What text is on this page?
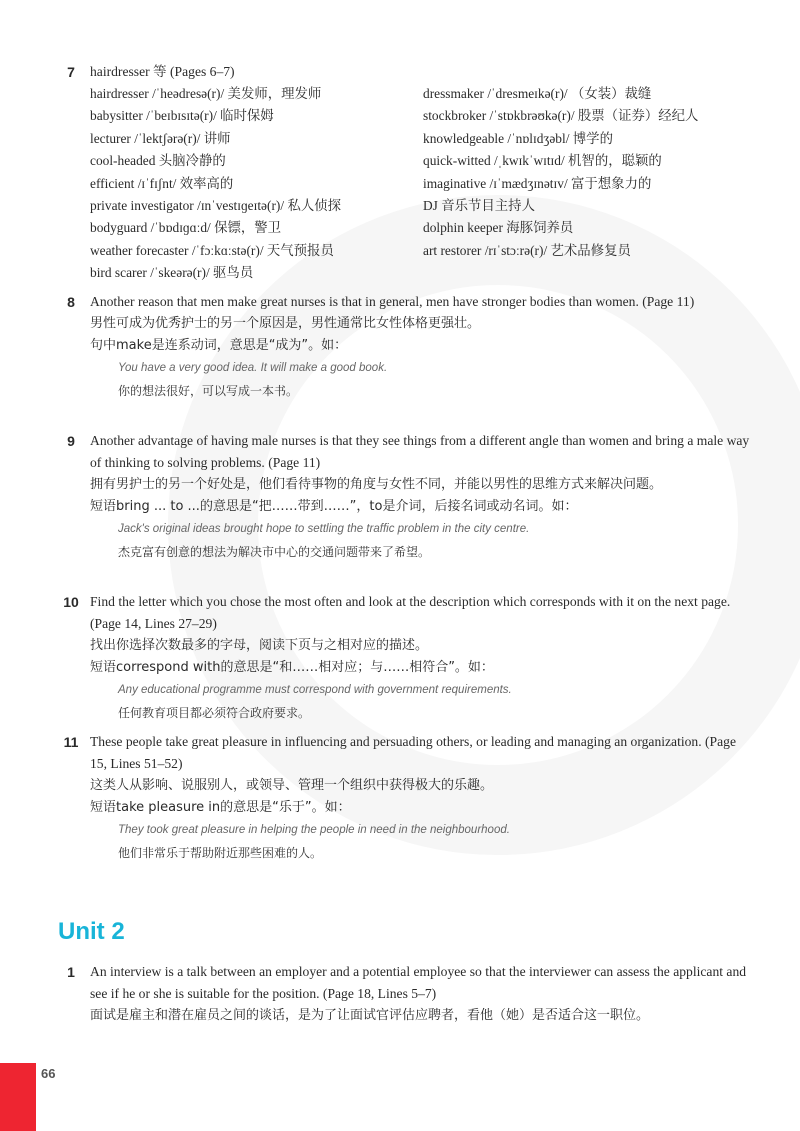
7	hairdresser 等 (Pages 6–7)

hairdresser /ˈheədresə(r)/ 美发师，理发师	dressmaker /ˈdresmeɪkə(r)/ （女装）裁缝
babysitter /ˈbeɪbɪsɪtə(r)/ 临时保姆	stockbroker /ˈstɒkbrəʊkə(r)/ 股票（证券）经纪人
lecturer /ˈlektʃərə(r)/ 讲师	knowledgeable /ˈnɒlɪdʒəbl/ 博学的
cool-headed 头脑冷静的	quick-witted /ˌkwɪkˈwɪtɪd/ 机智的，聪颖的
efficient /ɪˈfɪʃnt/ 效率高的	imaginative /ɪˈmædʒɪnətɪv/ 富于想象力的
private investigator /ɪnˈvestɪɡeɪtə(r)/ 私人侦探	DJ 音乐节目主持人
bodyguard /ˈbɒdɪɡɑːd/ 保镖，警卫	dolphin keeper 海豚饲养员
weather forecaster /ˈfɔːkɑːstə(r)/ 天气预报员	art restorer /rɪˈstɔːrə(r)/ 艺术品修复员
bird scarer /ˈskeərə(r)/ 驱鸟员
8	Another reason that men make great nurses is that in general, men have stronger bodies than women. (Page 11)

男性可成为优秀护士的另一个原因是，男性通常比女性体格更强壮。

句中make是连系动词，意思是“成为”。如：

You have a very good idea. It will make a good book.

你的想法很好，可以写成一本书。

9	Another advantage of having male nurses is that they see things from a different angle than women and bring a male way of thinking to solving problems. (Page 11)

拥有男护士的另一个好处是，他们看待事物的角度与女性不同，并能以男性的思维方式来解决问题。

短语bring ... to ...的意思是“把……带到……”，to是介词，后接名词或动名词。如：

Jack's original ideas brought hope to settling the traffic problem in the city centre.

杰克富有创意的想法为解决市中心的交通问题带来了希望。

10 Find the letter which you chose the most often and look at the description which corresponds with it on the next page. (Page 14, Lines 27–29)

找出你选择次数最多的字母，阅读下页与之相对应的描述。

短语correspond with的意思是“和……相对应；与……相符合”。如：

Any educational programme must correspond with government requirements.

任何教育项目都必须符合政府要求。

11 These people take great pleasure in influencing and persuading others, or leading and managing an organization. (Page 15, Lines 51–52)

这类人从影响、说服别人，或领导、管理一个组织中获得极大的乐趣。

短语take pleasure in的意思是“乐于”。如：

They took great pleasure in helping the people in need in the neighbourhood.

他们非常乐于帮助附近那些困难的人。

Unit 2
1	An interview is a talk between an employer and a potential employee so that the interviewer can assess the applicant and see if he or she is suitable for the position. (Page 18, Lines 5–7)

面试是雇主和潜在雇员之间的谈话，是为了让面试官评估应聘者，看他（她）是否适合这一职位。

66
